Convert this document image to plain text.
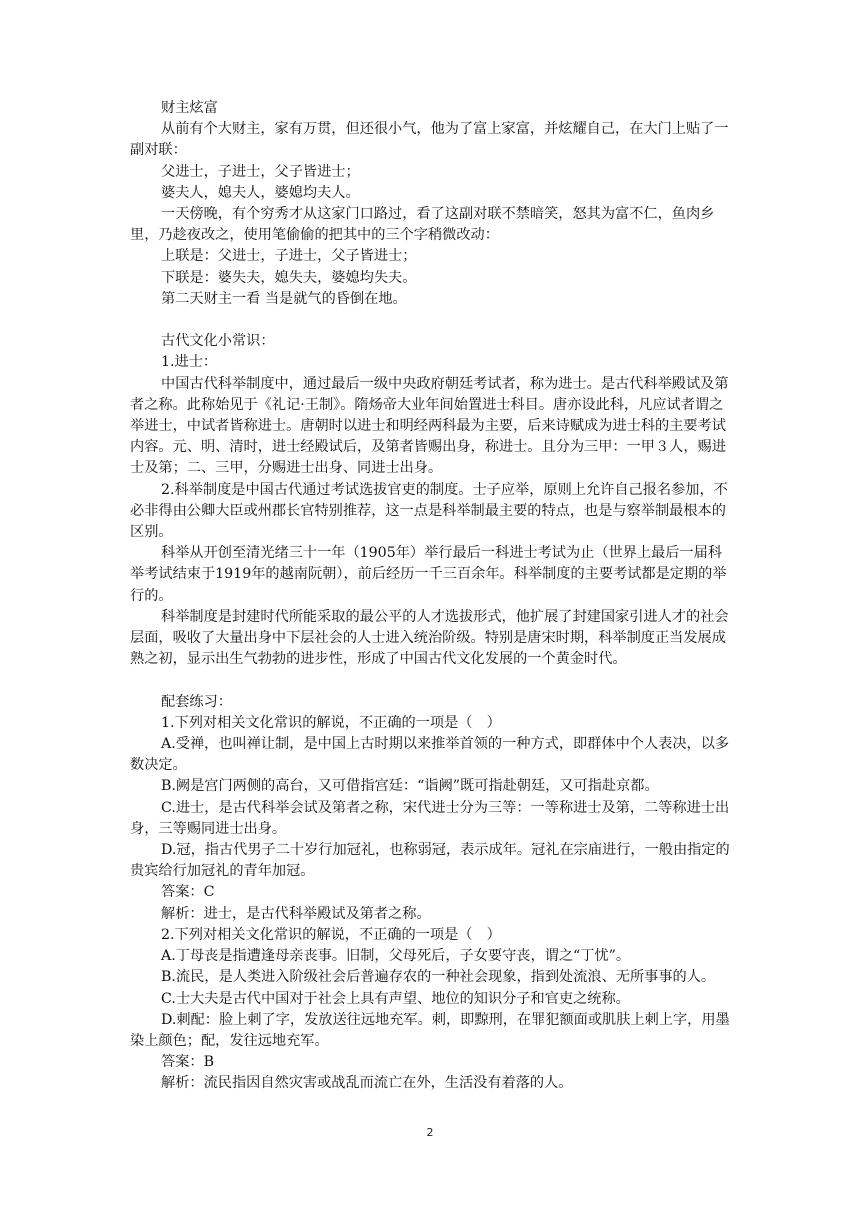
财主炫富

从前有个大财主，家有万贯，但还很小气，他为了富上家富，并炫耀自己，在大门上贴了一副对联：

父进士，子进士，父子皆进士；

婆夫人，媳夫人，婆媳均夫人。

一天傍晚，有个穷秀才从这家门口路过，看了这副对联不禁暗笑，怒其为富不仁，鱼肉乡里，乃趁夜改之，使用笔偷偷的把其中的三个字稍微改动：

上联是：父进士，子进士，父子皆进士；

下联是：婆失夫，媳失夫，婆媳均失夫。

第二天财主一看 当是就气的昏倒在地。

古代文化小常识：

1.进士：

中国古代科举制度中，通过最后一级中央政府朝廷考试者，称为进士。是古代科举殿试及第者之称。此称始见于《礼记·王制》。隋炀帝大业年间始置进士科目。唐亦设此科，凡应试者谓之举进士，中试者皆称进士。唐朝时以进士和明经两科最为主要，后来诗赋成为进士科的主要考试内容。元、明、清时，进士经殿试后，及第者皆赐出身，称进士。且分为三甲：一甲３人，赐进士及第；二、三甲，分赐进士出身、同进士出身。

2.科举制度是中国古代通过考试选拔官吏的制度。士子应举，原则上允许自己报名参加，不必非得由公卿大臣或州郡长官特别推荐，这一点是科举制最主要的特点，也是与察举制最根本的区别。

科举从开创至清光绪三十一年（1905年）举行最后一科进士考试为止（世界上最后一届科举考试结束于1919年的越南阮朝），前后经历一千三百余年。科举制度的主要考试都是定期的举行的。

科举制度是封建时代所能采取的最公平的人才选拔形式，他扩展了封建国家引进人才的社会层面，吸收了大量出身中下层社会的人士进入统治阶级。特别是唐宋时期，科举制度正当发展成熟之初，显示出生气勃勃的进步性，形成了中国古代文化发展的一个黄金时代。

配套练习：

1.下列对相关文化常识的解说，不正确的一项是（　）

A.受禅，也叫禅让制，是中国上古时期以来推举首领的一种方式，即群体中个人表决，以多数决定。

B.阙是宫门两侧的高台，又可借指宫廷：“诣阙”既可指赴朝廷，又可指赴京都。

C.进士，是古代科举会试及第者之称，宋代进士分为三等：一等称进士及第，二等称进士出身，三等赐同进士出身。

D.冠，指古代男子二十岁行加冠礼，也称弱冠，表示成年。冠礼在宗庙进行，一般由指定的贵宾给行加冠礼的青年加冠。

答案：C

解析：进士，是古代科举殿试及第者之称。

2.下列对相关文化常识的解说，不正确的一项是（　）

A.丁母丧是指遭逢母亲丧事。旧制，父母死后，子女要守丧，谓之“丁忧”。

B.流民，是人类进入阶级社会后普遍存农的一种社会现象，指到处流浪、无所事事的人。

C.士大夫是古代中国对于社会上具有声望、地位的知识分子和官吏之统称。

D.刺配：脸上刺了字，发放送往远地充军。刺，即黥刑，在罪犯额面或肌肤上刺上字，用墨染上颜色；配，发往远地充军。

答案：B

解析：流民指因自然灾害或战乱而流亡在外，生活没有着落的人。

2
